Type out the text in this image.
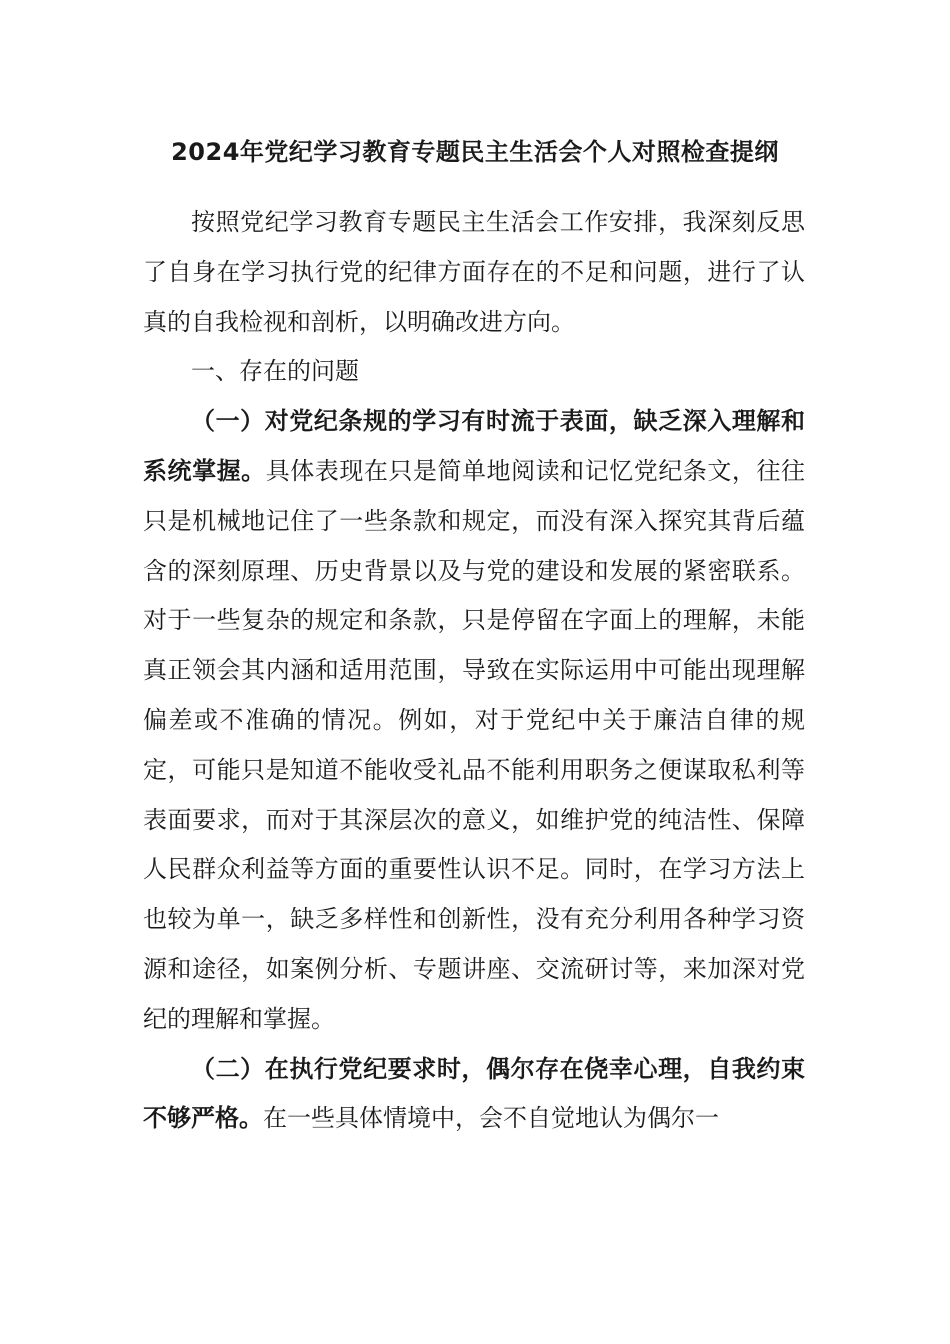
2024年党纪学习教育专题民主生活会个人对照检查提纲

按照党纪学习教育专题民主生活会工作安排，我深刻反思了自身在学习执行党的纪律方面存在的不足和问题，进行了认真的自我检视和剖析，以明确改进方向。

一、存在的问题

（一）对党纪条规的学习有时流于表面，缺乏深入理解和系统掌握。具体表现在只是简单地阅读和记忆党纪条文，往往只是机械地记住了一些条款和规定，而没有深入探究其背后蕴含的深刻原理、历史背景以及与党的建设和发展的紧密联系。对于一些复杂的规定和条款，只是停留在字面上的理解，未能真正领会其内涵和适用范围，导致在实际运用中可能出现理解偏差或不准确的情况。例如，对于党纪中关于廉洁自律的规定，可能只是知道不能收受礼品不能利用职务之便谋取私利等表面要求，而对于其深层次的意义，如维护党的纯洁性、保障人民群众利益等方面的重要性认识不足。同时，在学习方法上也较为单一，缺乏多样性和创新性，没有充分利用各种学习资源和途径，如案例分析、专题讲座、交流研讨等，来加深对党纪的理解和掌握。

（二）在执行党纪要求时，偶尔存在侥幸心理，自我约束不够严格。在一些具体情境中，会不自觉地认为偶尔一
